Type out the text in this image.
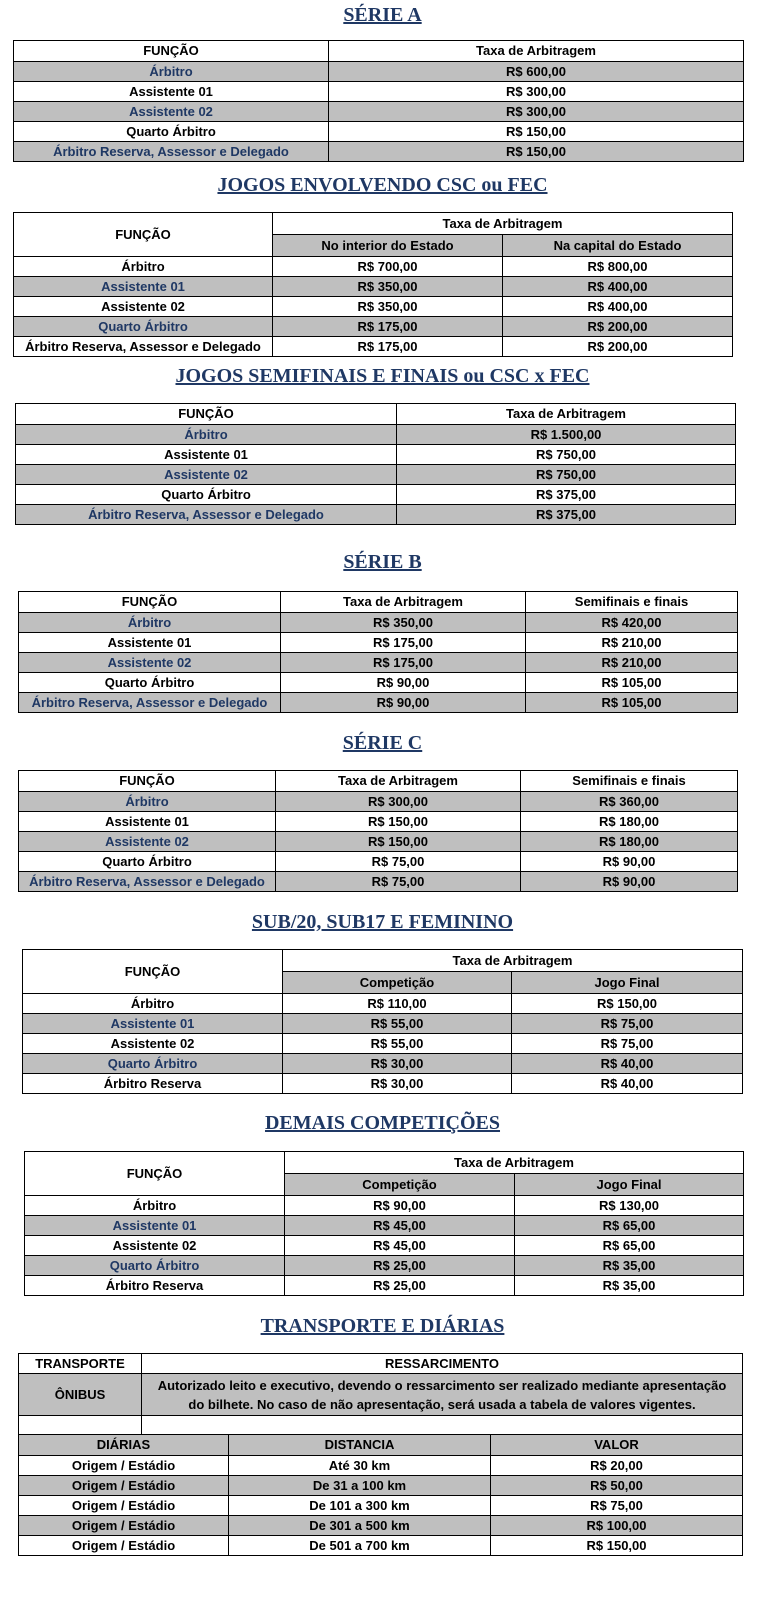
SÉRIE A
FUNÇÃO	Taxa de Arbitragem
Árbitro	R$ 600,00
Assistente 01	R$ 300,00
Assistente 02	R$ 300,00
Quarto Árbitro	R$ 150,00
Árbitro Reserva, Assessor e Delegado	R$ 150,00
JOGOS ENVOLVENDO CSC ou FEC
FUNÇÃO	Taxa de Arbitragem	
	No interior do Estado	Na capital do Estado
Árbitro	R$ 700,00	R$ 800,00
Assistente 01	R$ 350,00	R$ 400,00
Assistente 02	R$ 350,00	R$ 400,00
Quarto Árbitro	R$ 175,00	R$ 200,00
Árbitro Reserva, Assessor e Delegado	R$ 175,00	R$ 200,00
JOGOS SEMIFINAIS E FINAIS ou CSC x FEC
FUNÇÃO	Taxa de Arbitragem
Árbitro	R$ 1.500,00
Assistente 01	R$ 750,00
Assistente 02	R$ 750,00
Quarto Árbitro	R$ 375,00
Árbitro Reserva, Assessor e Delegado	R$ 375,00
SÉRIE B
FUNÇÃO	Taxa de Arbitragem	Semifinais e finais
Árbitro	R$ 350,00	R$ 420,00
Assistente 01	R$ 175,00	R$ 210,00
Assistente 02	R$ 175,00	R$ 210,00
Quarto Árbitro	R$ 90,00	R$ 105,00
Árbitro Reserva, Assessor e Delegado	R$ 90,00	R$ 105,00
SÉRIE C
FUNÇÃO	Taxa de Arbitragem	Semifinais e finais
Árbitro	R$ 300,00	R$ 360,00
Assistente 01	R$ 150,00	R$ 180,00
Assistente 02	R$ 150,00	R$ 180,00
Quarto Árbitro	R$ 75,00	R$ 90,00
Árbitro Reserva, Assessor e Delegado	R$ 75,00	R$ 90,00
SUB/20, SUB17 E FEMININO
FUNÇÃO	Taxa de Arbitragem	
	Competição	Jogo Final
Árbitro	R$ 110,00	R$ 150,00
Assistente 01	R$ 55,00	R$ 75,00
Assistente 02	R$ 55,00	R$ 75,00
Quarto Árbitro	R$ 30,00	R$ 40,00
Árbitro Reserva	R$ 30,00	R$ 40,00
DEMAIS COMPETIÇÕES
FUNÇÃO	Taxa de Arbitragem	
	Competição	Jogo Final
Árbitro	R$ 90,00	R$ 130,00
Assistente 01	R$ 45,00	R$ 65,00
Assistente 02	R$ 45,00	R$ 65,00
Quarto Árbitro	R$ 25,00	R$ 35,00
Árbitro Reserva	R$ 25,00	R$ 35,00
TRANSPORTE E DIÁRIAS
TRANSPORTE	RESSARCIMENTO
ÔNIBUS	Autorizado leito e executivo, devendo o ressarcimento ser realizado mediante apresentação do bilhete. No caso de não apresentação, será usada a tabela de valores vigentes.

DIÁRIAS	DISTANCIA	VALOR
Origem / Estádio	Até 30 km	R$ 20,00
Origem / Estádio	De 31 a 100 km	R$ 50,00
Origem / Estádio	De 101 a 300 km	R$ 75,00
Origem / Estádio	De 301 a 500 km	R$ 100,00
Origem / Estádio	De 501 a 700 km	R$ 150,00
